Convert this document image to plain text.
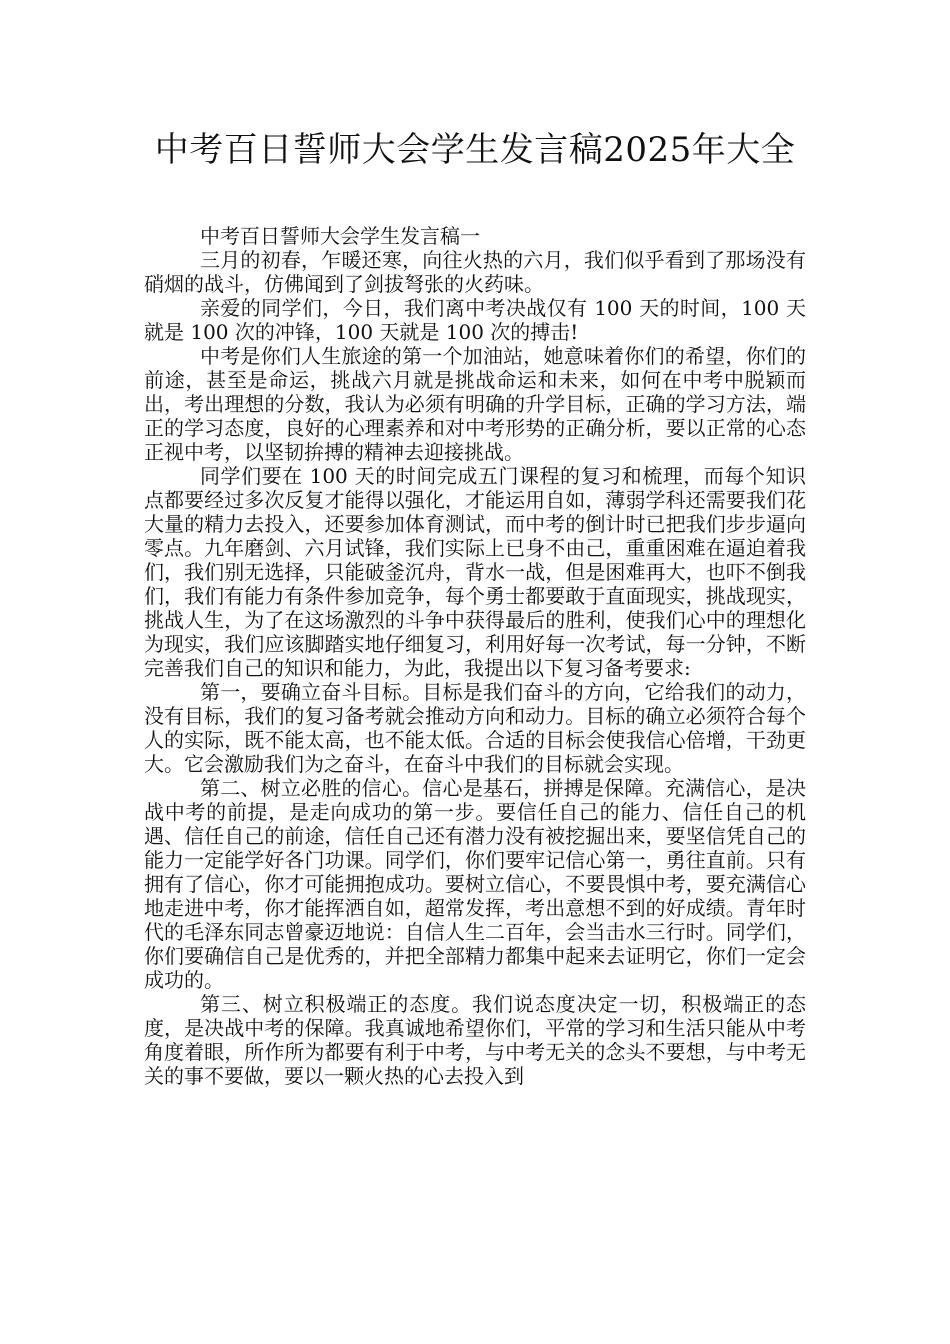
中考百日誓师大会学生发言稿2025年大全

中考百日誓师大会学生发言稿一

三月的初春，乍暖还寒，向往火热的六月，我们似乎看到了那场没有硝烟的战斗，仿佛闻到了剑拔弩张的火药味。

亲爱的同学们，今日，我们离中考决战仅有 100 天的时间，100 天就是 100 次的冲锋，100 天就是 100 次的搏击!

中考是你们人生旅途的第一个加油站，她意味着你们的希望，你们的前途，甚至是命运，挑战六月就是挑战命运和未来，如何在中考中脱颖而出，考出理想的分数，我认为必须有明确的升学目标，正确的学习方法，端正的学习态度，良好的心理素养和对中考形势的正确分析，要以正常的心态正视中考，以坚韧拚搏的精神去迎接挑战。

同学们要在 100 天的时间完成五门课程的复习和梳理，而每个知识点都要经过多次反复才能得以强化，才能运用自如，薄弱学科还需要我们花大量的精力去投入，还要参加体育测试，而中考的倒计时已把我们步步逼向零点。九年磨剑、六月试锋，我们实际上已身不由己，重重困难在逼迫着我们，我们别无选择，只能破釜沉舟，背水一战，但是困难再大，也吓不倒我们，我们有能力有条件参加竞争，每个勇士都要敢于直面现实，挑战现实，挑战人生，为了在这场激烈的斗争中获得最后的胜利，使我们心中的理想化为现实，我们应该脚踏实地仔细复习，利用好每一次考试，每一分钟，不断完善我们自己的知识和能力，为此，我提出以下复习备考要求:

第一，要确立奋斗目标。目标是我们奋斗的方向，它给我们的动力，没有目标，我们的复习备考就会推动方向和动力。目标的确立必须符合每个人的实际，既不能太高，也不能太低。合适的目标会使我信心倍增，干劲更大。它会激励我们为之奋斗，在奋斗中我们的目标就会实现。

第二、树立必胜的信心。信心是基石，拼搏是保障。充满信心，是决战中考的前提，是走向成功的第一步。要信任自己的能力、信任自己的机遇、信任自己的前途，信任自己还有潜力没有被挖掘出来，要坚信凭自己的能力一定能学好各门功课。同学们，你们要牢记信心第一，勇往直前。只有拥有了信心，你才可能拥抱成功。要树立信心，不要畏惧中考，要充满信心地走进中考，你才能挥洒自如，超常发挥，考出意想不到的好成绩。青年时代的毛泽东同志曾豪迈地说：自信人生二百年，会当击水三行时。同学们，你们要确信自己是优秀的，并把全部精力都集中起来去证明它，你们一定会成功的。

第三、树立积极端正的态度。我们说态度决定一切，积极端正的态度，是决战中考的保障。我真诚地希望你们，平常的学习和生活只能从中考角度着眼，所作所为都要有利于中考，与中考无关的念头不要想，与中考无关的事不要做，要以一颗火热的心去投入到
